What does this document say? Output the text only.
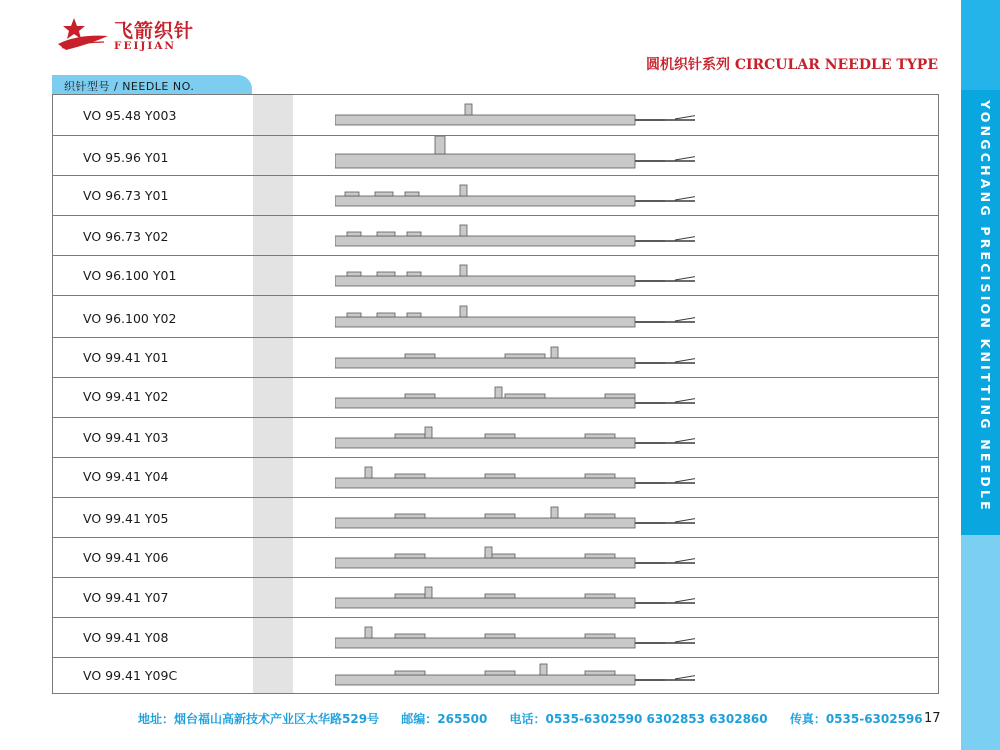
飞箭织针
FEIJIAN
圆机织针系列 CIRCULAR NEEDLE TYPE
织针型号 / NEEDLE NO.
VO 95.48 Y003
VO 95.96 Y01
VO 96.73 Y01
VO 96.73 Y02
VO 96.100 Y01
VO 96.100 Y02
VO 99.41 Y01
VO 99.41 Y02
VO 99.41 Y03
VO 99.41 Y04
VO 99.41 Y05
VO 99.41 Y06
VO 99.41 Y07
VO 99.41 Y08
VO 99.41 Y09C
YONGCHANG PRECISION KNITTING NEEDLE
地址：烟台福山高新技术产业区太华路529号 邮编：265500 电话：0535-6302590 6302853 6302860 传真：0535-6302596 17
